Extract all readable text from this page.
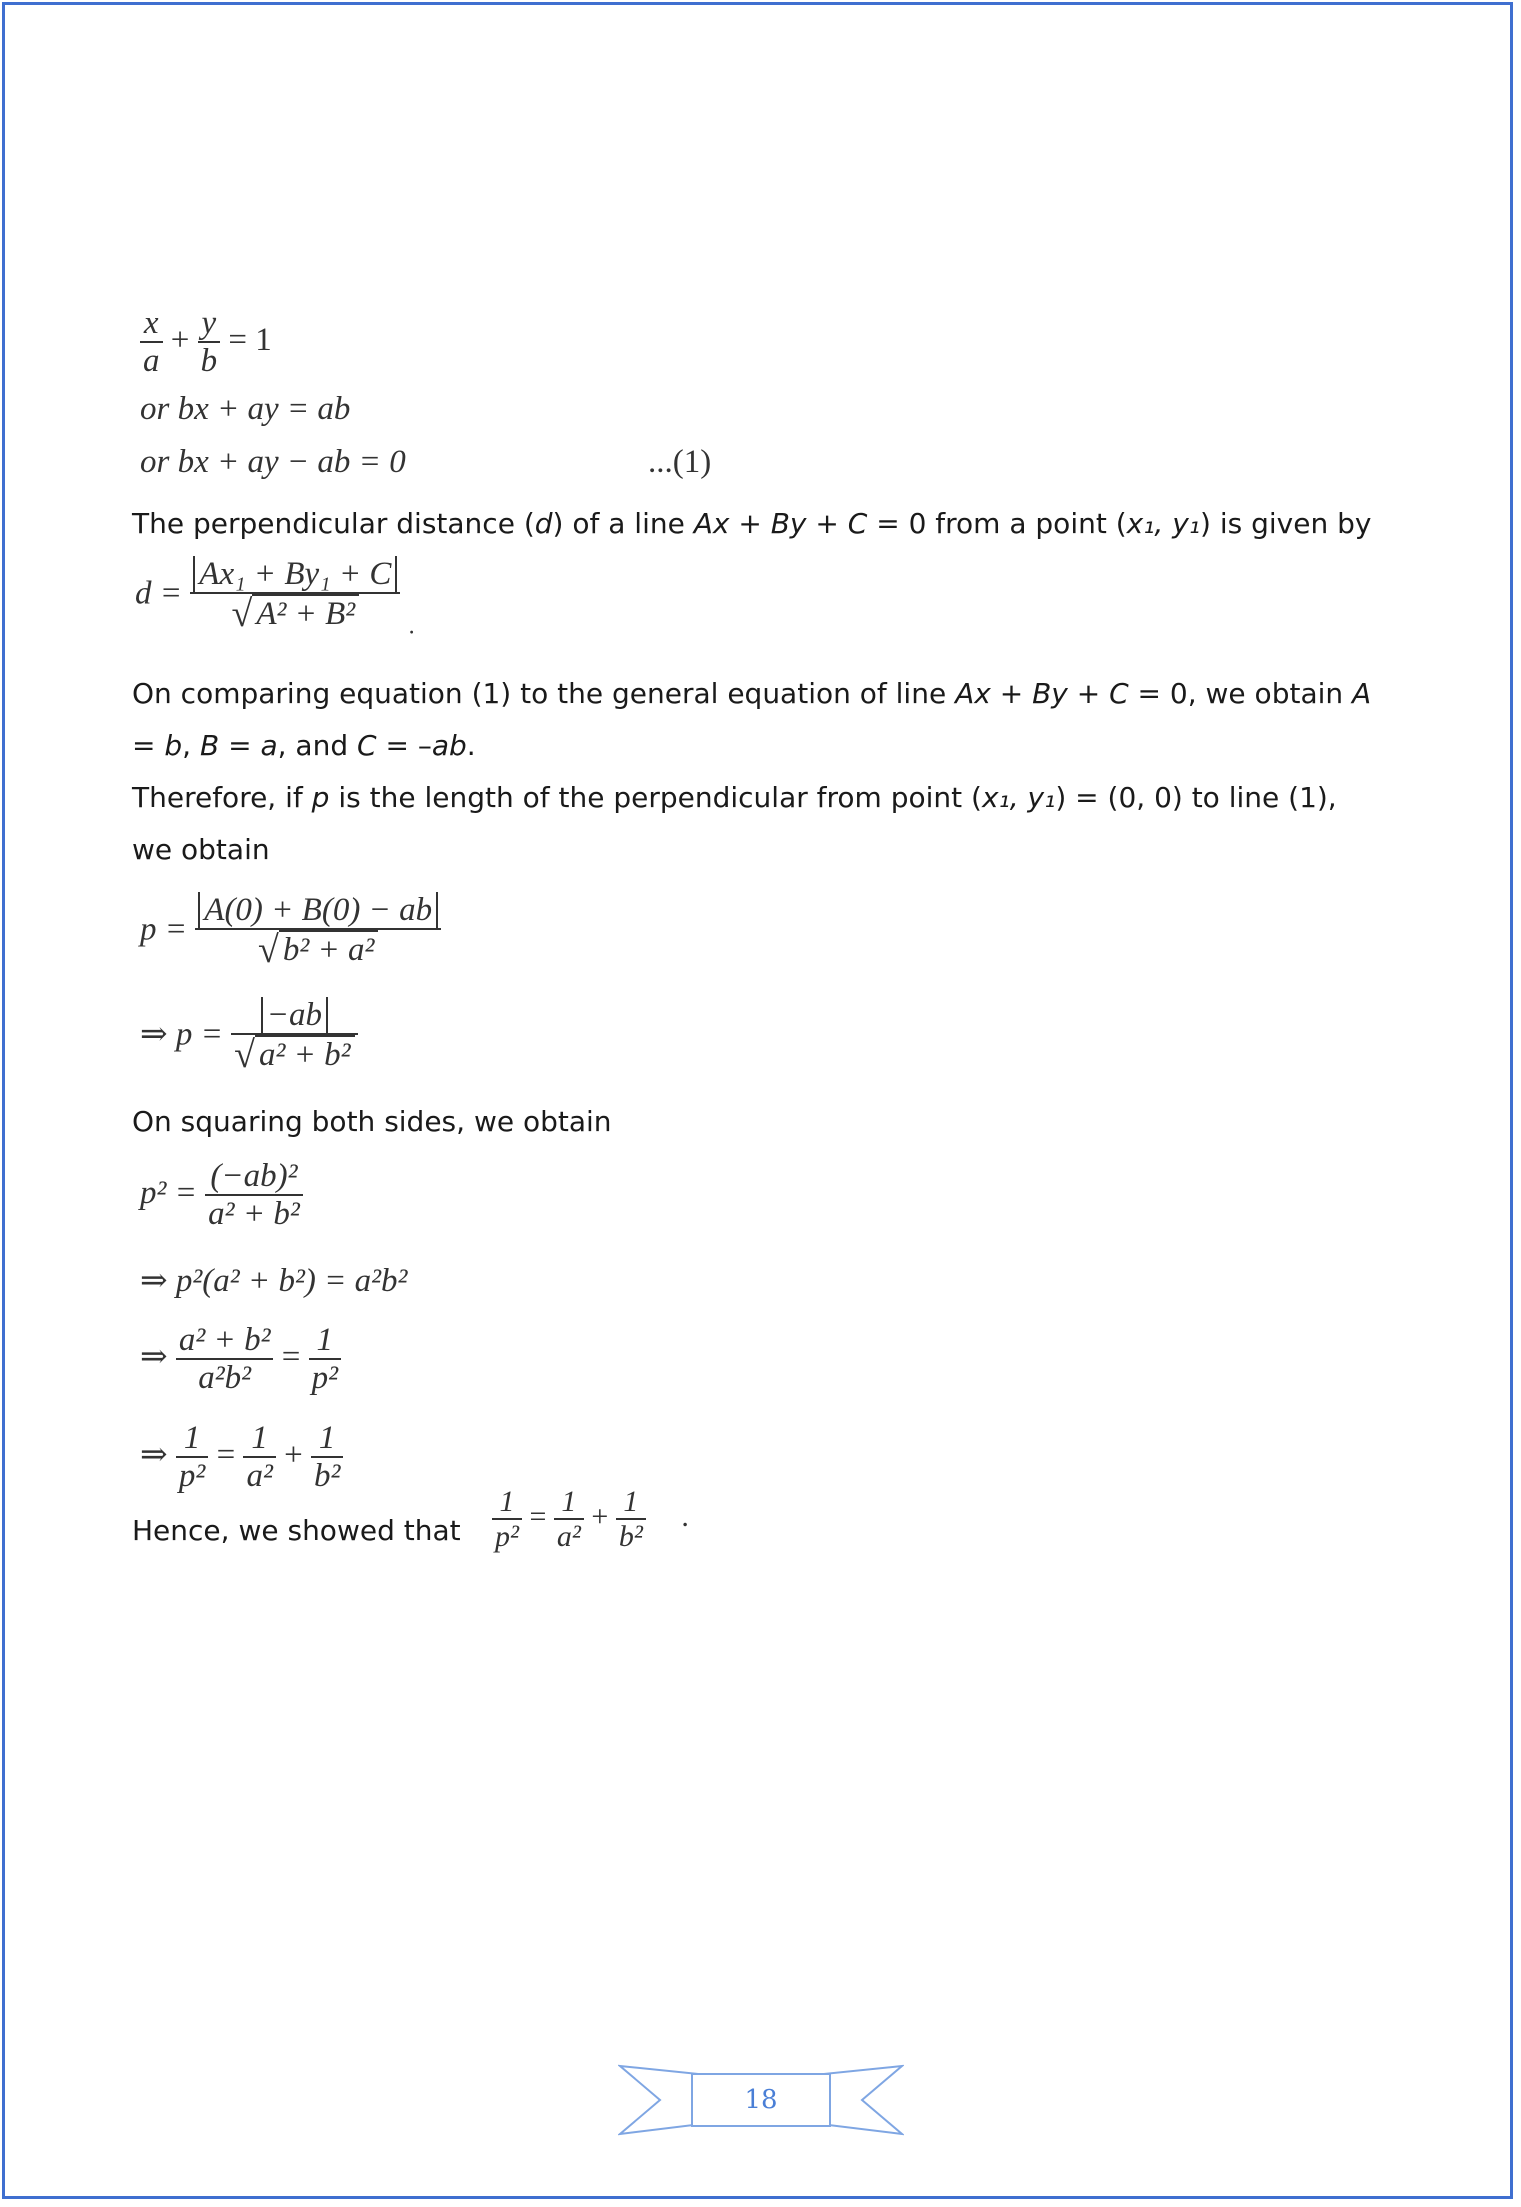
$\frac{x}{a} + \frac{y}{b} = 1$
or bx + ay = ab
or bx + ay − ab = 0	...(1)
The perpendicular distance (d) of a line Ax + By + C = 0 from a point (x₁, y₁) is given by
$d = \frac{\text{Ax₁ + By₁ + C}}{\text{√ A² + B²}} _.$
On comparing equation (1) to the general equation of line Ax + By + C = 0, we obtain A
= b, B = a, and C = –ab.
Therefore, if p is the length of the perpendicular from point (x₁, y₁) = (0, 0) to line (1),
we obtain
$p = \frac{A(0) + B(0) - ab}{\text{√ b² + a²}}$
⇒ $p = \frac{-ab}{\text{√ a² + b²}}$
On squaring both sides, we obtain
$p^2 = \frac{\text{(−ab)²}}{\text{a² + b²}}$
⇒ p²(a² + b²) = a²b²
⇒ $\frac{\text{a² + b²}}{\text{a²b²}} = \frac{1}{\text{p²}}$
⇒ $\frac{1}{\text{p²}} = \frac{1}{\text{a²}} + \frac{1}{\text{b²}}$
Hence, we showed that	$\frac{1}{\text{p²}} = \frac{1}{\text{a²}} + \frac{1}{\text{b²}}$ .
18
